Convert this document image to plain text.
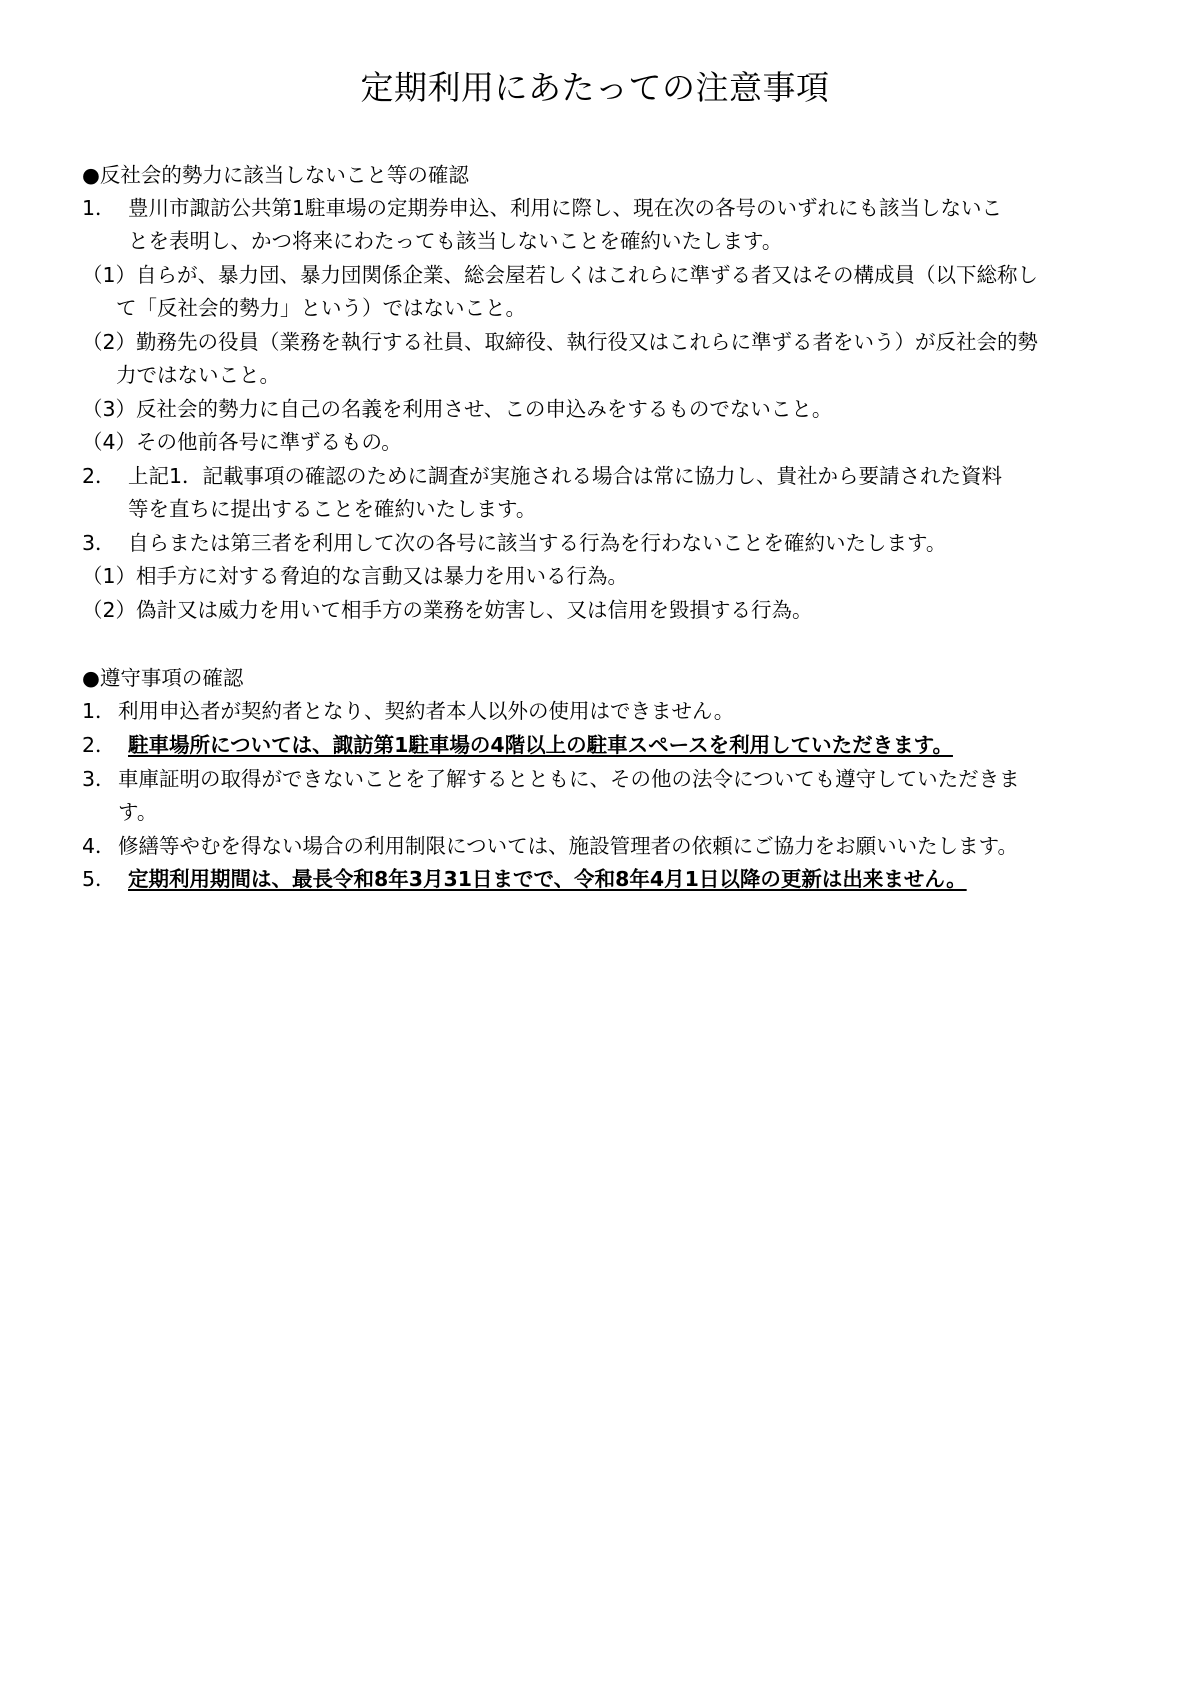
定期利用にあたっての注意事項
●反社会的勢力に該当しないこと等の確認
1． 豊川市諏訪公共第1駐車場の定期券申込、利用に際し、現在次の各号のいずれにも該当しないこ
とを表明し、かつ将来にわたっても該当しないことを確約いたします。
（1）自らが、暴力団、暴力団関係企業、総会屋若しくはこれらに準ずる者又はその構成員（以下総称し
て「反社会的勢力」という）ではないこと。
（2）勤務先の役員（業務を執行する社員、取締役、執行役又はこれらに準ずる者をいう）が反社会的勢
力ではないこと。
（3）反社会的勢力に自己の名義を利用させ、この申込みをするものでないこと。
（4）その他前各号に準ずるもの。
2． 上記1．記載事項の確認のために調査が実施される場合は常に協力し、貴社から要請された資料
等を直ちに提出することを確約いたします。
3． 自らまたは第三者を利用して次の各号に該当する行為を行わないことを確約いたします。
（1）相手方に対する脅迫的な言動又は暴力を用いる行為。
（2）偽計又は威力を用いて相手方の業務を妨害し、又は信用を毀損する行為。
●遵守事項の確認
1． 利用申込者が契約者となり、契約者本人以外の使用はできません。
2． 駐車場所については、諏訪第1駐車場の4階以上の駐車スペースを利用していただきます。
3． 車庫証明の取得ができないことを了解するとともに、その他の法令についても遵守していただきま
す。
4． 修繕等やむを得ない場合の利用制限については、施設管理者の依頼にご協力をお願いいたします。
5． 定期利用期間は、最長令和8年3月31日までで、令和8年4月1日以降の更新は出来ません。
